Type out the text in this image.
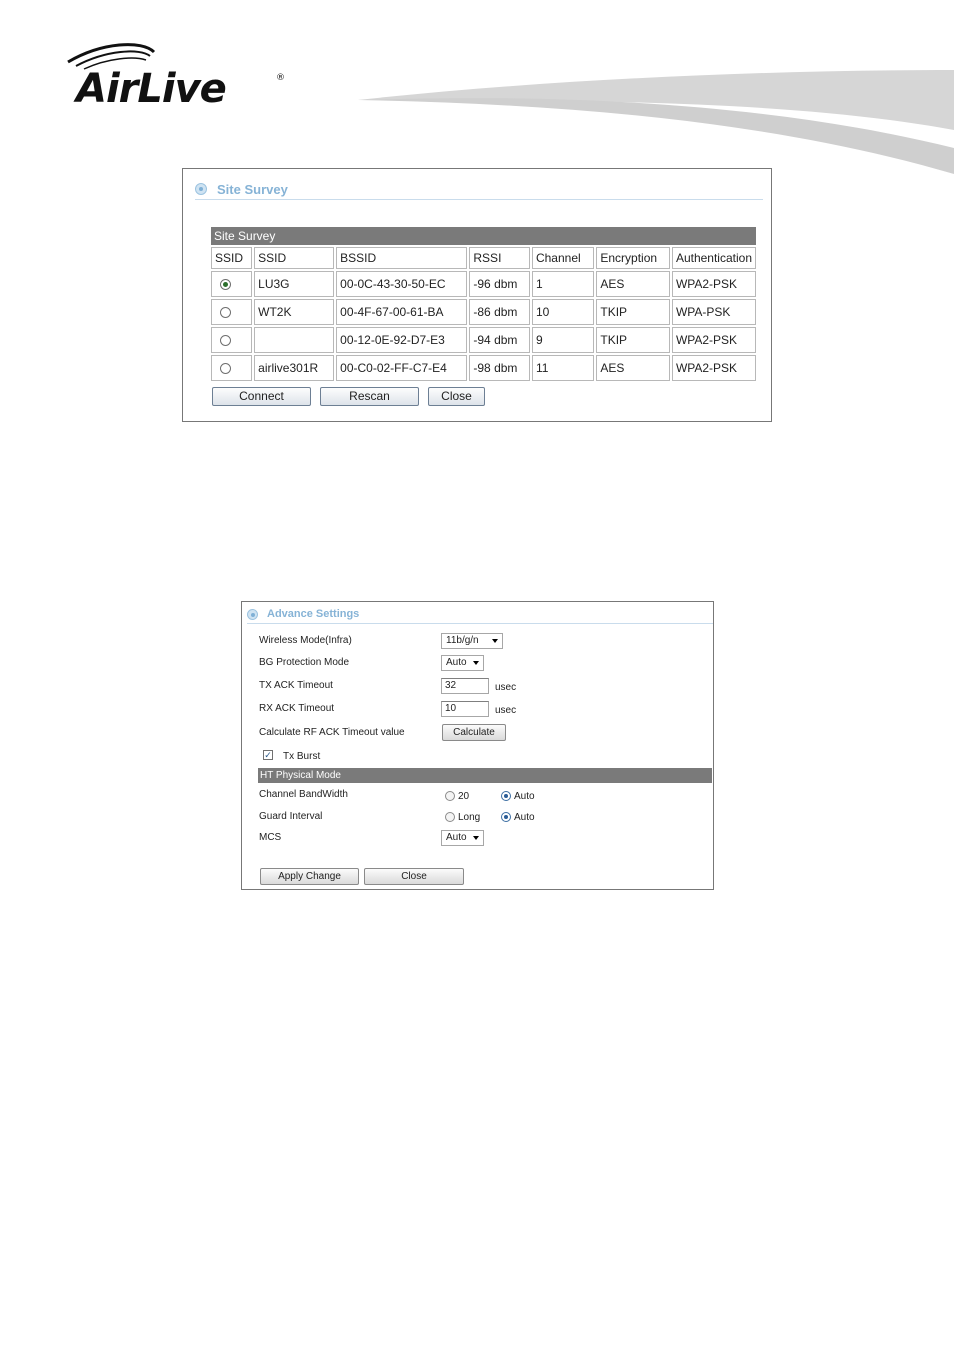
AirLive	®
Site Survey
Site Survey						
SSID	SSID	BSSID	RSSI	Channel	Encryption	Authentication
	LU3G	00-0C-43-30-50-EC	-96 dbm	1	AES	WPA2-PSK
	WT2K	00-4F-67-00-61-BA	-86 dbm	10	TKIP	WPA-PSK
		00-12-0E-92-D7-E3	-94 dbm	9	TKIP	WPA2-PSK
	airlive301R	00-C0-02-FF-C7-E4	-98 dbm	11	AES	WPA2-PSK
Connect	Rescan	Close
Advance Settings
Wireless Mode(Infra)	11b/g/n
BG Protection Mode	Auto
TX ACK Timeout	32	usec
RX ACK Timeout	10	usec
Calculate RF ACK Timeout value	Calculate
✓ Tx Burst
HT Physical Mode
Channel BandWidth	20	Auto
Guard Interval	Long	Auto
MCS	Auto
Apply Change	Close
